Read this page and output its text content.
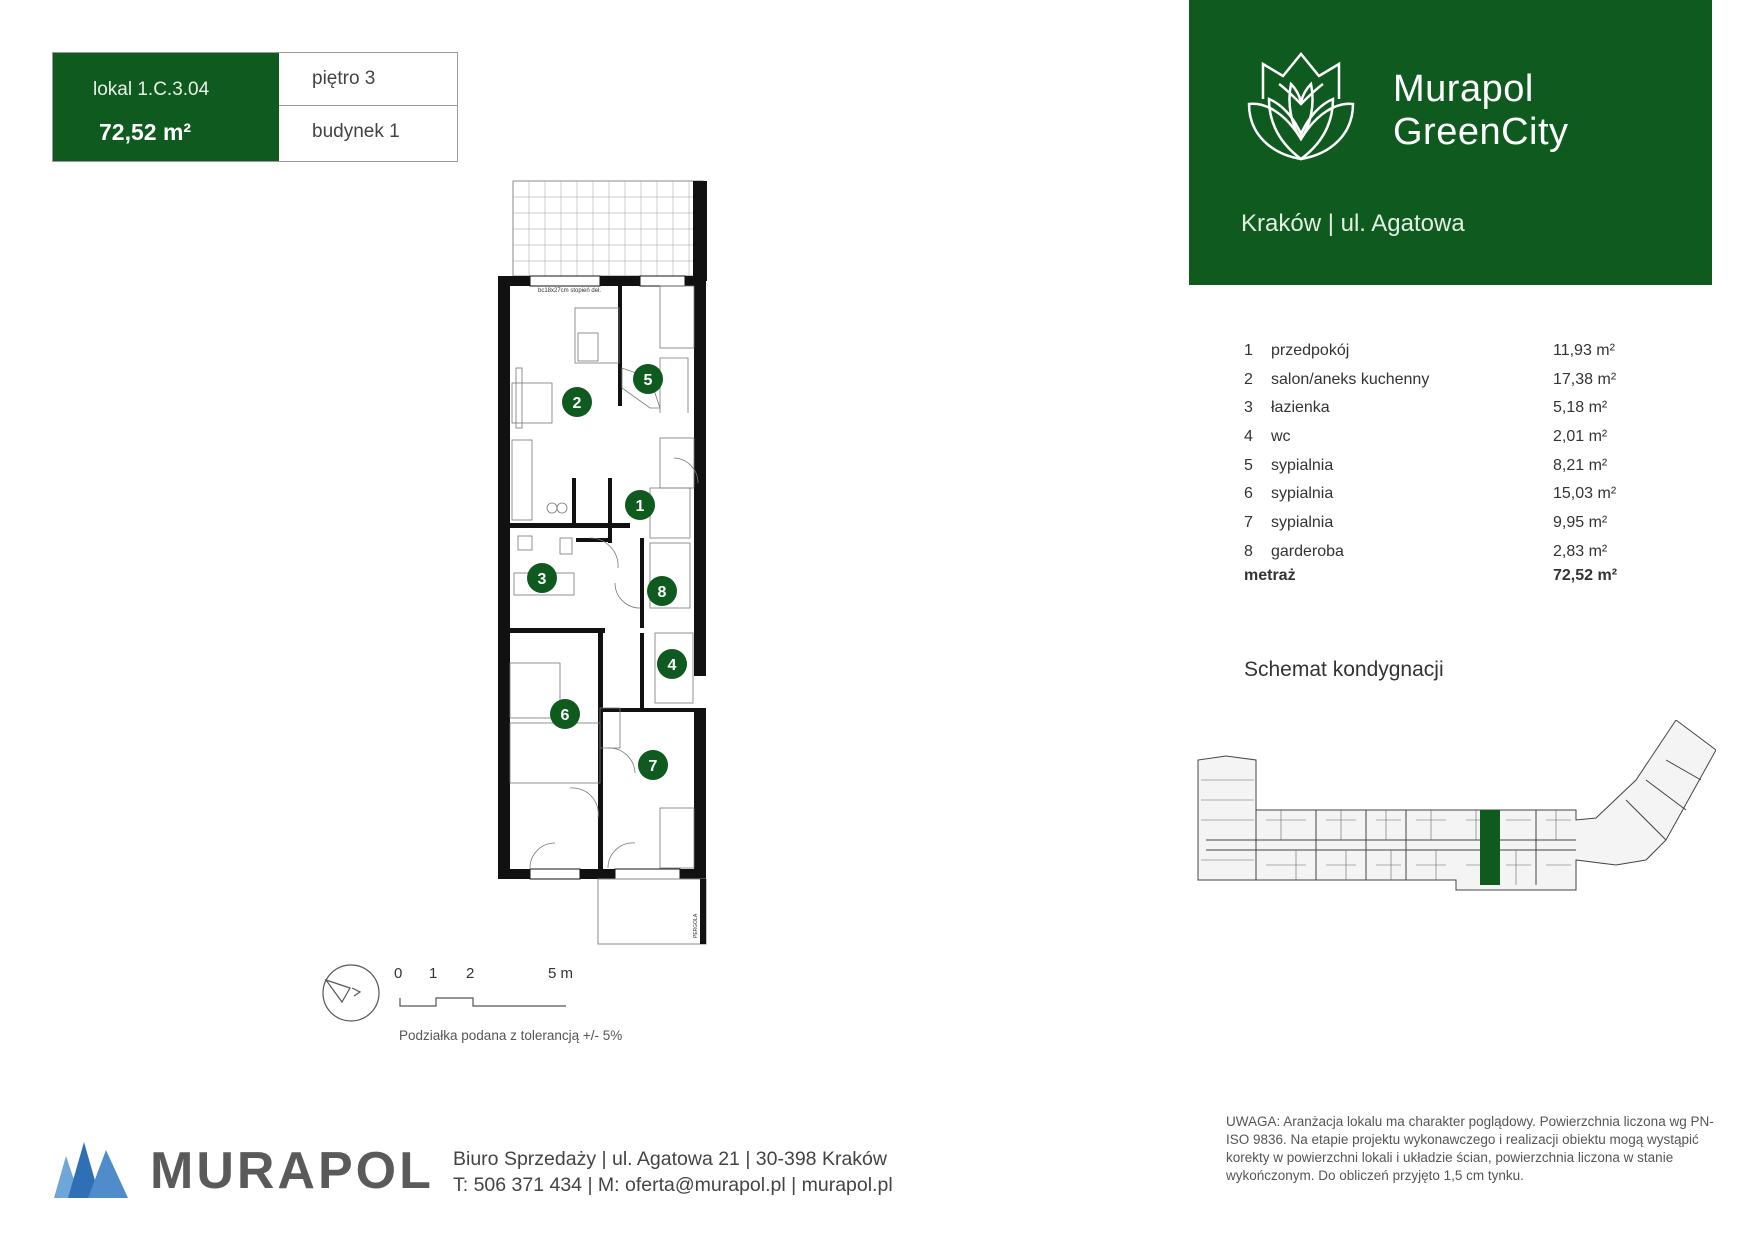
lokal 1.C.3.04
72,52 m²
piętro 3
budynek 1
Murapol
GreenCity
Kraków | ul. Agatowa
1 przedpokój	11,93 m²
2 salon/aneks kuchenny	17,38 m²
3 łazienka	5,18 m²
4 wc	2,01 m²
5 sypialnia	8,21 m²
6 sypialnia	15,03 m²
7 sypialnia	9,95 m²
8 garderoba	2,83 m²
metraż	72,52 m²
Schemat kondygnacji
bc18x27cm stopień del.
PERGOLA
1
2
3
4
5
6
7
8
0 1 2	5 m
Podziałka podana z tolerancją +/- 5%
MURAPOL Biuro Sprzedaży | ul. Agatowa 21 | 30-398 Kraków
T: 506 371 434 | M: oferta@murapol.pl | murapol.pl
UWAGA: Aranżacja lokalu ma charakter poglądowy. Powierzchnia liczona wg PN-ISO 9836. Na etapie projektu wykonawczego i realizacji obiektu mogą wystąpić korekty w powierzchni lokali i układzie ścian, powierzchnia liczona w stanie wykończonym. Do obliczeń przyjęto 1,5 cm tynku.
